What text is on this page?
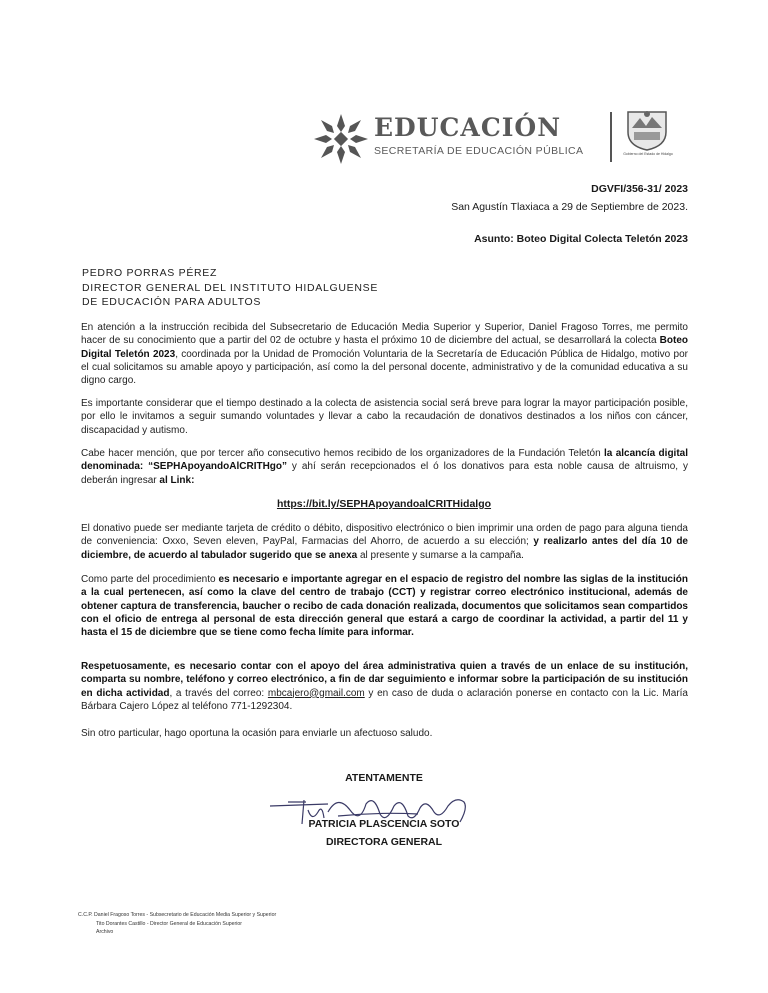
EDUCACIÓN
SECRETARÍA DE EDUCACIÓN PÚBLICA	Gobierno del Estado de Hidalgo
DGVFI/356-31/ 2023
San Agustín Tlaxiaca a 29 de Septiembre de 2023.
Asunto: Boteo Digital Colecta Teletón 2023
PEDRO PORRAS PÉREZ
DIRECTOR GENERAL DEL INSTITUTO HIDALGUENSE
DE EDUCACIÓN PARA ADULTOS
En atención a la instrucción recibida del Subsecretario de Educación Media Superior y Superior, Daniel Fragoso Torres, me permito hacer de su conocimiento que a partir del 02 de octubre y hasta el próximo 10 de diciembre del actual, se desarrollará la colecta Boteo Digital Teletón 2023, coordinada por la Unidad de Promoción Voluntaria de la Secretaría de Educación Pública de Hidalgo, motivo por el cual solicitamos su amable apoyo y participación, así como la del personal docente, administrativo y de la comunidad educativa a su digno cargo.
Es importante considerar que el tiempo destinado a la colecta de asistencia social será breve para lograr la mayor participación posible, por ello le invitamos a seguir sumando voluntades y llevar a cabo la recaudación de donativos destinados a los niños con cáncer, discapacidad y autismo.
Cabe hacer mención, que por tercer año consecutivo hemos recibido de los organizadores de la Fundación Teletón la alcancía digital denominada: “SEPHApoyandoAlCRITHgo” y ahí serán recepcionados el ó los donativos para esta noble causa de altruismo, y deberán ingresar al Link:
https://bit.ly/SEPHApoyandoalCRITHidalgo
El donativo puede ser mediante tarjeta de crédito o débito, dispositivo electrónico o bien imprimir una orden de pago para alguna tienda de conveniencia: Oxxo, Seven eleven, PayPal, Farmacias del Ahorro, de acuerdo a su elección; y realizarlo antes del día 10 de diciembre, de acuerdo al tabulador sugerido que se anexa al presente y sumarse a la campaña.
Como parte del procedimiento es necesario e importante agregar en el espacio de registro del nombre las siglas de la institución a la cual pertenecen, así como la clave del centro de trabajo (CCT) y registrar correo electrónico institucional, además de obtener captura de transferencia, baucher o recibo de cada donación realizada, documentos que solicitamos sean compartidos con el oficio de entrega al personal de esta dirección general que estará a cargo de coordinar la actividad, a partir del 11 y hasta el 15 de diciembre que se tiene como fecha límite para informar.
Respetuosamente, es necesario contar con el apoyo del área administrativa quien a través de un enlace de su institución, comparta su nombre, teléfono y correo electrónico, a fin de dar seguimiento e informar sobre la participación de su institución en dicha actividad, a través del correo: mbcajero@gmail.com y en caso de duda o aclaración ponerse en contacto con la Lic. María Bárbara Cajero López al teléfono 771-1292304.
Sin otro particular, hago oportuna la ocasión para enviarle un afectuoso saludo.
ATENTAMENTE
PATRICIA PLASCENCIA SOTO
DIRECTORA GENERAL
C.C.P. Daniel Fragoso Torres - Subsecretario de Educación Media Superior y Superior
Tito Dorantes Castillo - Director General de Educación Superior
Archivo
